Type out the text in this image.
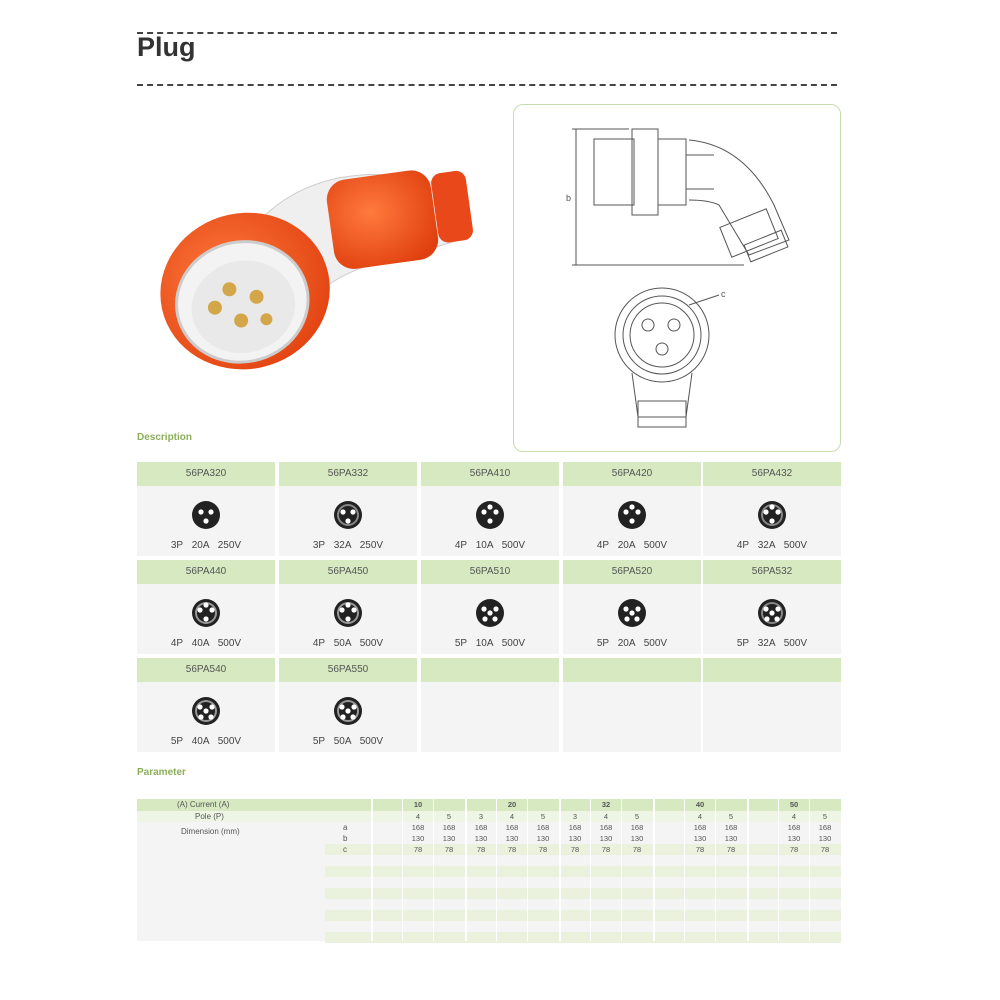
Plug
b
c
Description
56PA320
3P 20A 250V
56PA332
3P 32A 250V
56PA410
4P 10A 500V
56PA420
4P 20A 500V
56PA432
4P 32A 500V
56PA440
4P 40A 500V
56PA450
4P 50A 500V
56PA510
5P 10A 500V
56PA520
5P 20A 500V
56PA532
5P 32A 500V
56PA540
5P 40A 500V
56PA550
5P 50A 500V
Parameter
(A) Current (A)
Pole (P)
Dimension (mm)	a
b
c
10
4
168
130
78
5
168
130
78
20
3
168
130
78
4
168
130
78
5
168
130
78
32
3
168
130
78
4
168
130
78
5
168
130
78
40
4
168
130
78
5
168
130
78
50
4
168
130
78
5
168
130
78
